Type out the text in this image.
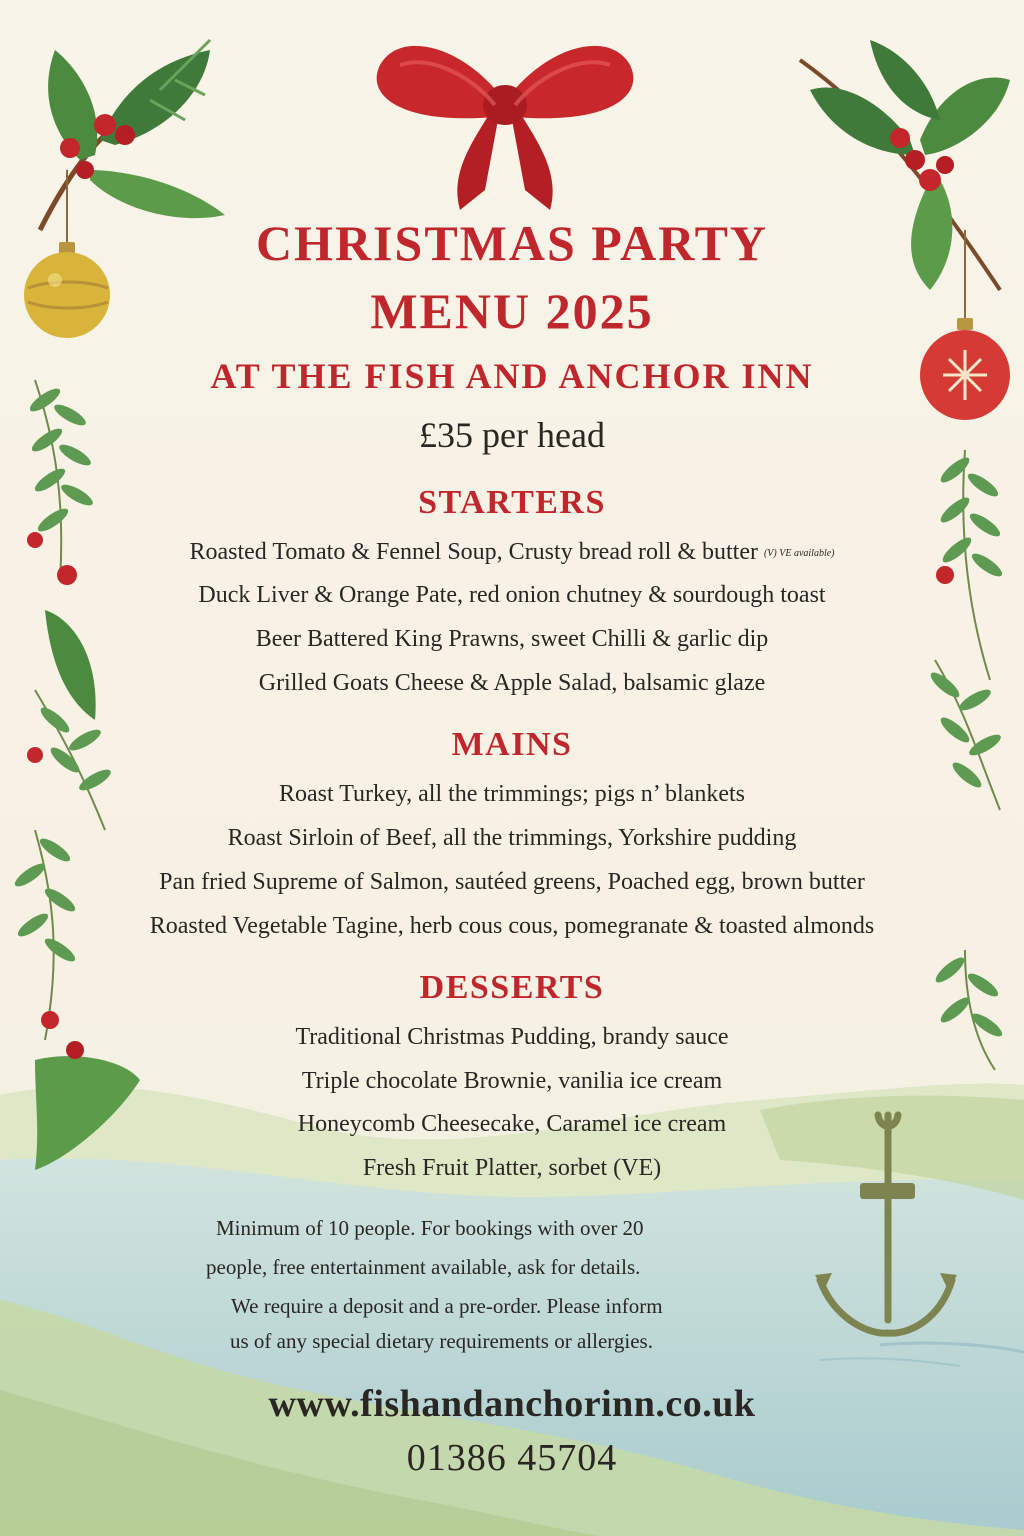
CHRISTMAS PARTY
MENU 2025
AT THE FISH AND ANCHOR INN
£35 per head
STARTERS
Roasted Tomato & Fennel Soup, Crusty bread roll & butter (V) VE available)
Duck Liver & Orange Pate, red onion chutney & sourdough toast
Beer Battered King Prawns, sweet Chilli & garlic dip
Grilled Goats Cheese & Apple Salad, balsamic glaze
MAINS
Roast Turkey, all the trimmings; pigs n’ blankets
Roast Sirloin of Beef, all the trimmings, Yorkshire pudding
Pan fried Supreme of Salmon, sautéed greens, Poached egg, brown butter
Roasted Vegetable Tagine, herb cous cous, pomegranate & toasted almonds
DESSERTS
Traditional Christmas Pudding, brandy sauce
Triple chocolate Brownie, vanilia ice cream
Honeycomb Cheesecake, Caramel ice cream
Fresh Fruit Platter, sorbet (VE)
Minimum of 10 people. For bookings with over 20
people, free entertainment available, ask for details.
We require a deposit and a pre-order. Please inform
us of any special dietary requirements or allergies.
www.fishandanchorinn.co.uk
01386 45704
